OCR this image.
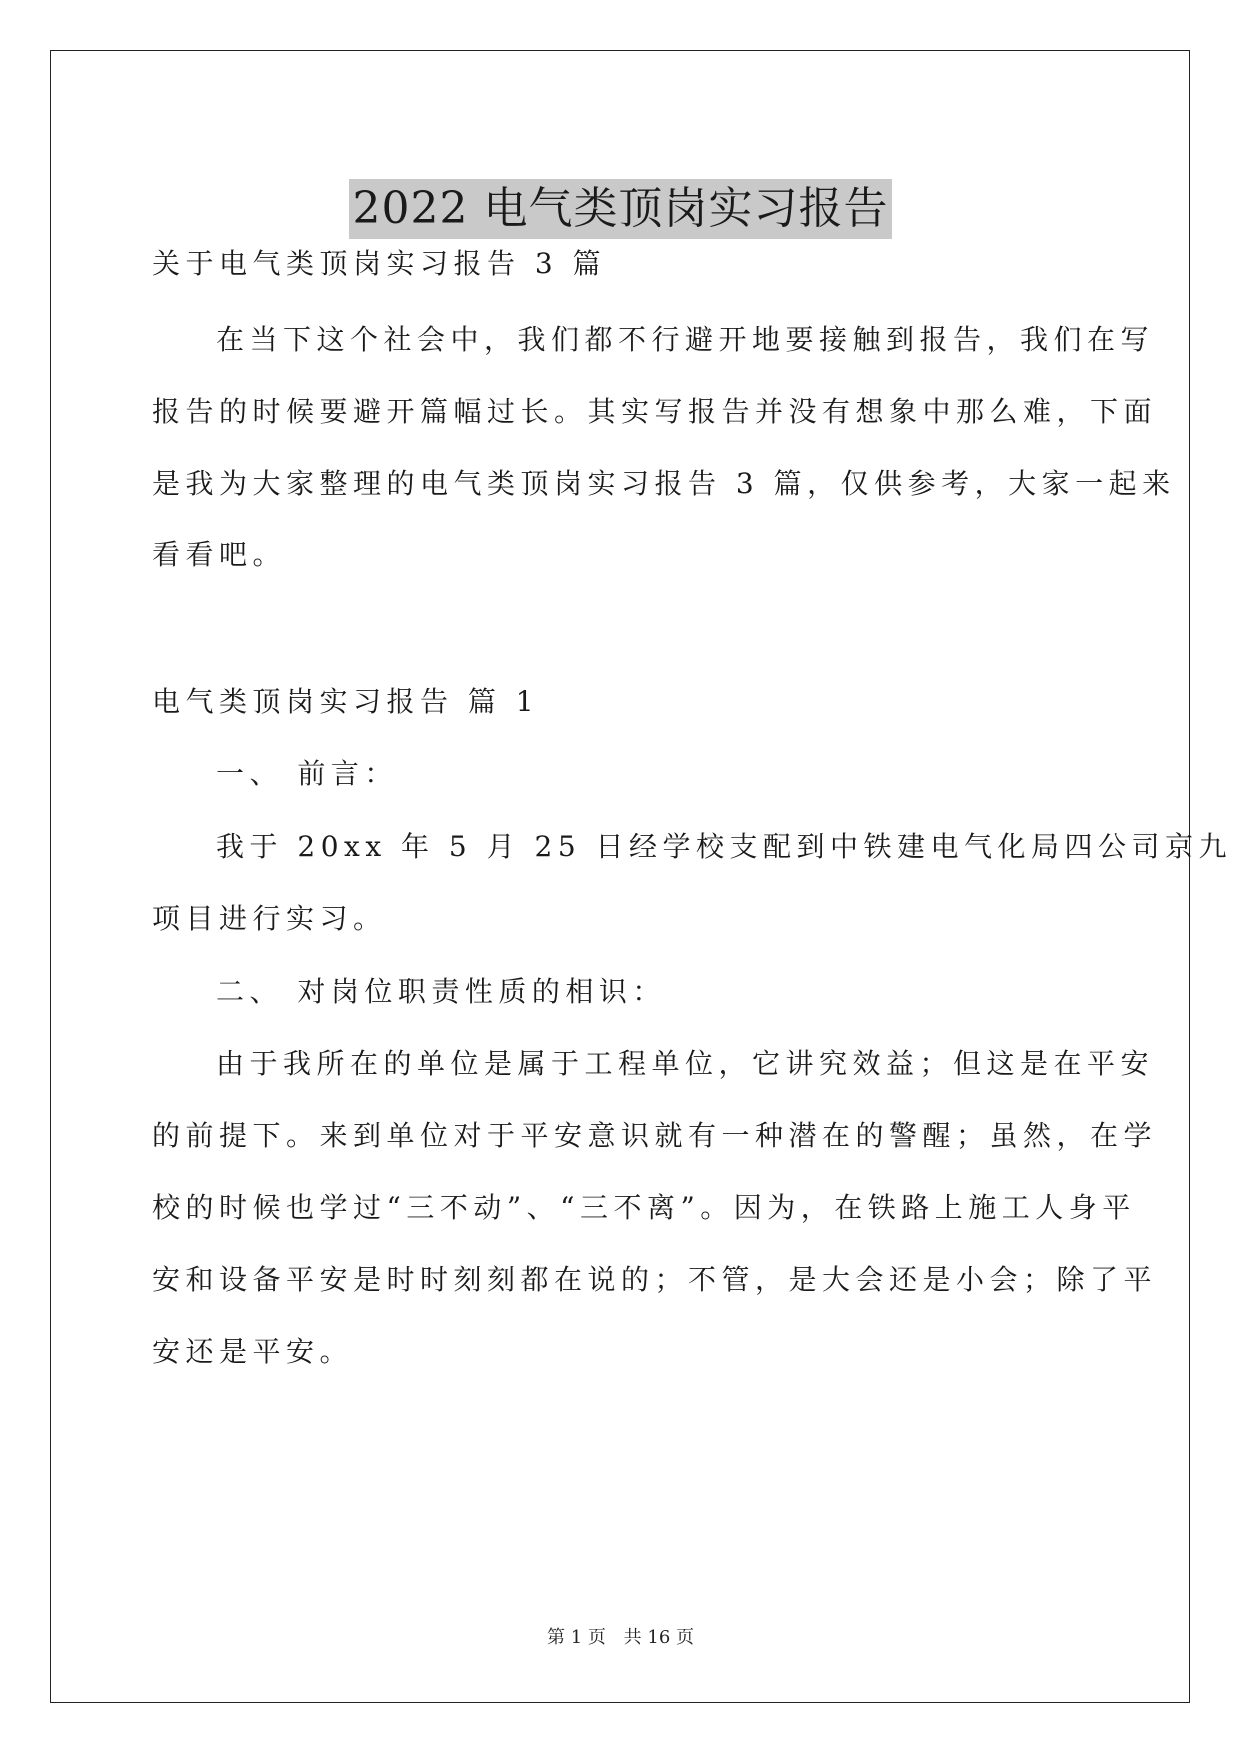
2022 电气类顶岗实习报告
关于电气类顶岗实习报告 3 篇
在当下这个社会中，我们都不行避开地要接触到报告，我们在写
报告的时候要避开篇幅过长。其实写报告并没有想象中那么难，下面
是我为大家整理的电气类顶岗实习报告 3 篇，仅供参考，大家一起来
看看吧。
电气类顶岗实习报告 篇 1
一、 前言：
我于 20xx 年 5 月 25 日经学校支配到中铁建电气化局四公司京九
项目进行实习。
二、 对岗位职责性质的相识：
由于我所在的单位是属于工程单位，它讲究效益；但这是在平安
的前提下。来到单位对于平安意识就有一种潜在的警醒；虽然，在学
校的时候也学过“三不动”、“三不离”。因为，在铁路上施工人身平
安和设备平安是时时刻刻都在说的；不管，是大会还是小会；除了平
安还是平安。
第 1 页 共 16 页
